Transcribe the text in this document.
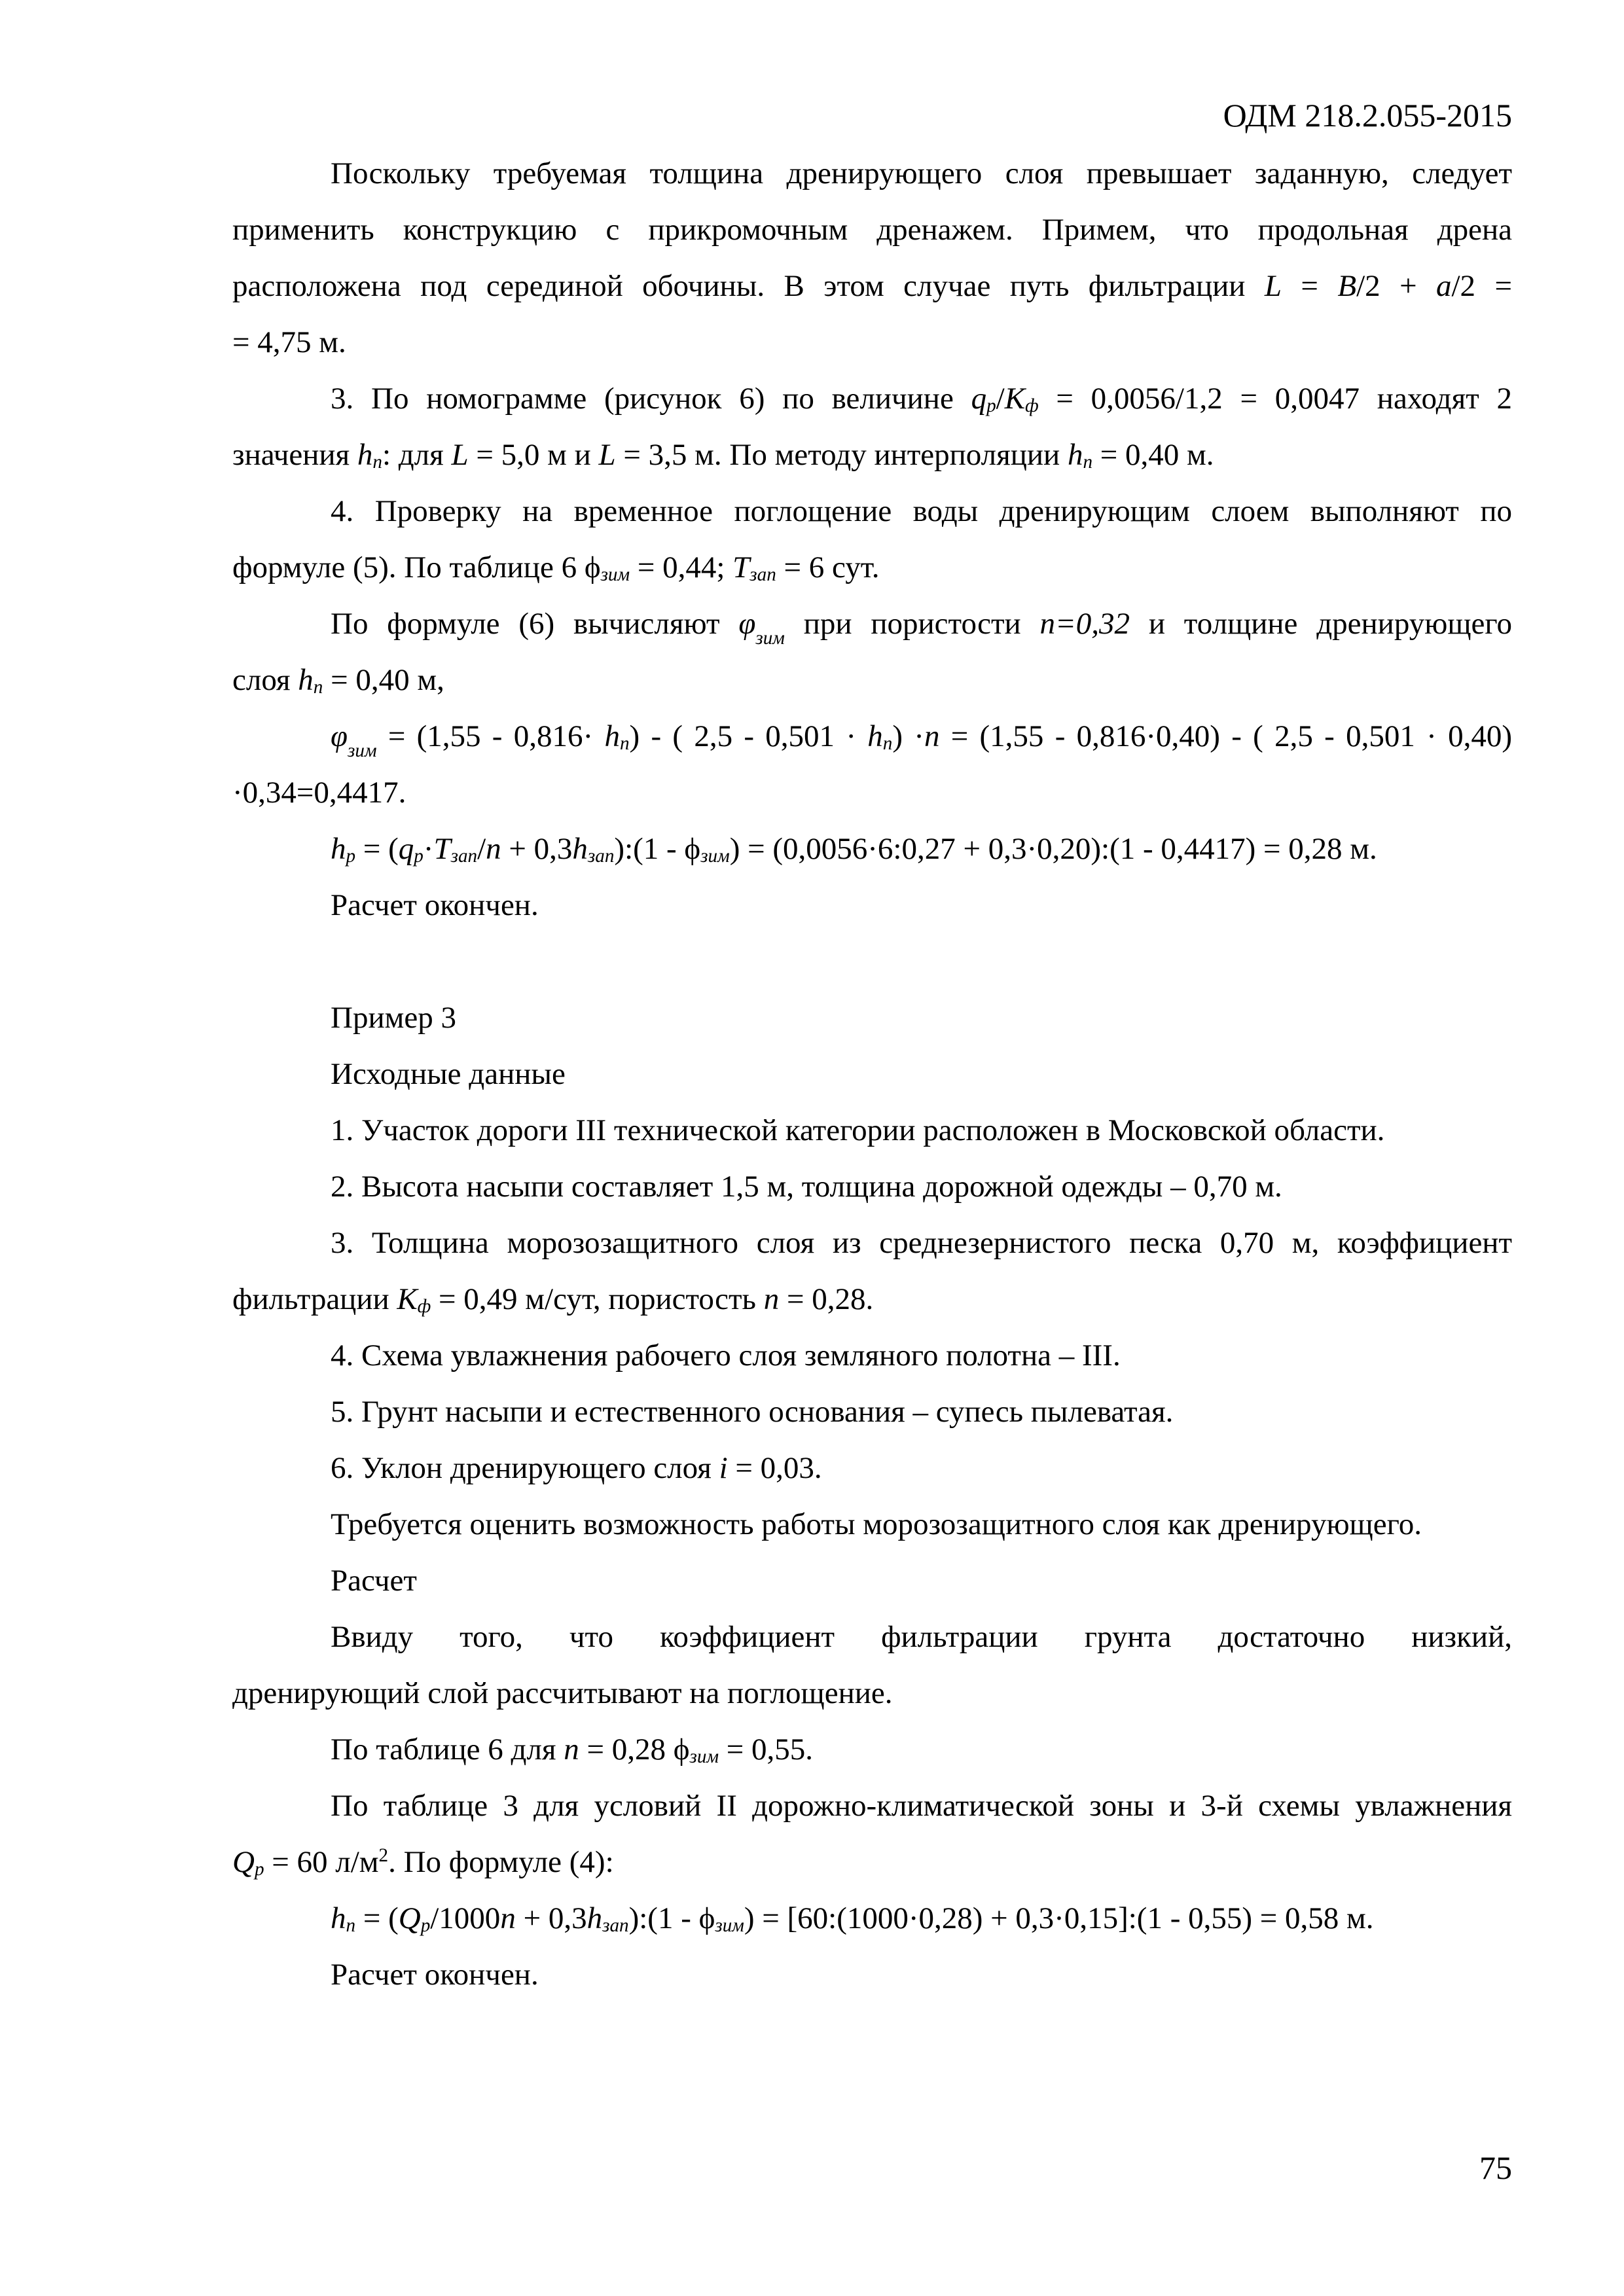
ОДМ 218.2.055-2015
Поскольку требуемая толщина дренирующего слоя превышает заданную, следует
применить конструкцию с прикромочным дренажем. Примем, что продольная дрена
расположена под серединой обочины. В этом случае путь фильтрации L = B/2 + a/2 =
= 4,75 м.
3. По номограмме (рисунок 6) по величине $q_р/К_ф = 0,0056/1,2 = 0,0047$ находят 2
значения $h_п$: для L = 5,0 м и L = 3,5 м. По методу интерполяции $h_п = 0,40$ м.
4. Проверку на временное поглощение воды дренирующим слоем выполняют по
формуле (5). По таблице 6 $\phi_{зим} = 0,44$; $Т_{зап} = 6$ сут.
По формуле (6) вычисляют $\varphi_{зим}$ при пористости n=0,32 и толщине дренирующего
слоя $h_п = 0,40$ м,
$\varphi_{зим} = (1,55 - 0,816\cdot h_п)$ - ( $2,5 - 0,501 \cdot h_п) \cdot n = (1,55 - 0,816\cdot 0,40)$ - ( 2,5 - 0,501 · 0,40)
·0,34=0,4417.
$h_р = (q_р\cdot Т_{зап}/n$ + $0,3h_{зап}):(1 - \phi_{зим})$ = (0,0056·6:0,27 + 0,3·0,20):(1 - 0,4417) = 0,28 м.
Расчет окончен.
Пример 3
Исходные данные
1. Участок дороги III технической категории расположен в Московской области.
2. Высота насыпи составляет 1,5 м, толщина дорожной одежды – 0,70 м.
3. Толщина морозозащитного слоя из среднезернистого песка 0,70 м, коэффициент
фильтрации $К_ф = 0,49$ м/сут, пористость n = 0,28.
4. Схема увлажнения рабочего слоя земляного полотна – III.
5. Грунт насыпи и естественного основания – супесь пылеватая.
6. Уклон дренирующего слоя i = 0,03.
Требуется оценить возможность работы морозозащитного слоя как дренирующего.
Расчет
Ввиду того, что коэффициент фильтрации грунта достаточно низкий,
дренирующий слой рассчитывают на поглощение.
По таблице 6 для n = 0,28 $\phi_{зим} = 0,55$.
По таблице 3 для условий II дорожно-климатической зоны и 3-й схемы увлажнения
$Q_р = 60$ $л/м^2$. По формуле (4):
$h_п = (Q_р/1000n$ + $0,3h_{зап}):(1 - \phi_{зим})$ = [60:(1000·0,28) + 0,3·0,15]:(1 - 0,55) = 0,58 м.
Расчет окончен.
75
